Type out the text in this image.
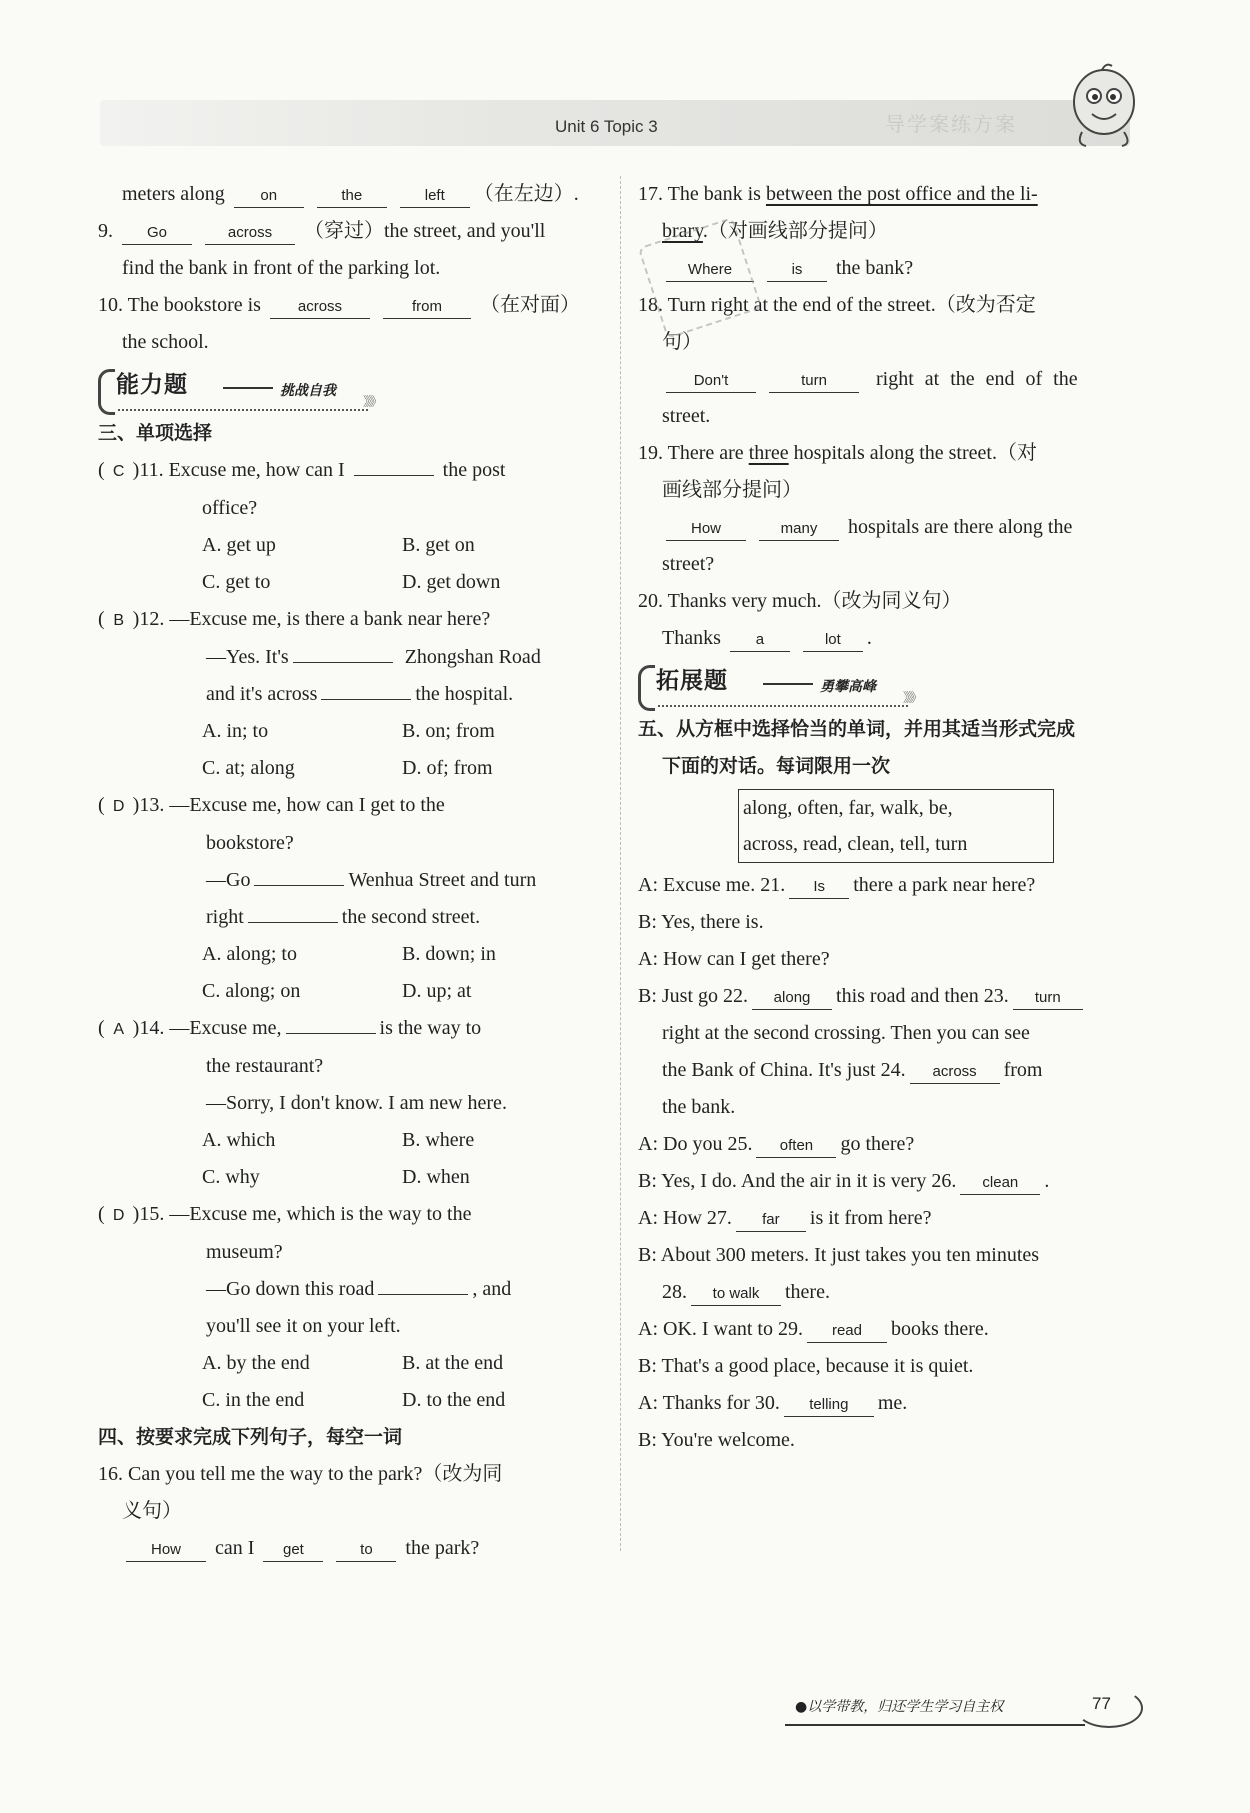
导学案练方案
Unit 6 Topic 3
meters along on	the	left （在左边）.
9. Go	across （穿过）the street, and you'll
find the bank in front of the parking lot.
10. The bookstore is across	from （在对面）
the school.
能力题	挑战自我
》》》
三、单项选择
( C )11. Excuse me, how can I	the post
office?
A. get up	B. get on
C. get to	D. get down
( B )12. —Excuse me, is there a bank near here?
—Yes. It's	Zhongshan Road
and it's across	the hospital.
A. in; to	B. on; from
C. at; along	D. of; from
( D )13. —Excuse me, how can I get to the
bookstore?
—Go	Wenhua Street and turn
right	the second street.
A. along; to	B. down; in
C. along; on	D. up; at
( A )14. —Excuse me,	is the way to
the restaurant?
—Sorry, I don't know. I am new here.
A. which	B. where
C. why	D. when
( D )15. —Excuse me, which is the way to the
museum?
—Go down this road	, and
you'll see it on your left.
A. by the end	B. at the end
C. in the end	D. to the end
四、按要求完成下列句子，每空一词
16. Can you tell me the way to the park?（改为同
义句）
How can I get	to the park?
17. The bank is between the post office and the li-
brary.（对画线部分提问）
Where	is the bank?
18. Turn right at the end of the street.（改为否定
句）
Don't	turn right at the end of the
street.
19. There are three hospitals along the street.（对
画线部分提问）
How	many hospitals are there along the
street?
20. Thanks very much.（改为同义句）
Thanks a	lot .
拓展题	勇攀高峰
》》》
五、从方框中选择恰当的单词，并用其适当形式完成
下面的对话。每词限用一次
along, often, far, walk, be,
across, read, clean, tell, turn
A: Excuse me. 21. Is there a park near here?
B: Yes, there is.
A: How can I get there?
B: Just go 22. along this road and then 23. turn
right at the second crossing. Then you can see
the Bank of China. It's just 24. across from
the bank.
A: Do you 25. often go there?
B: Yes, I do. And the air in it is very 26. clean .
A: How 27. far is it from here?
B: About 300 meters. It just takes you ten minutes
28. to walk there.
A: OK. I want to 29. read books there.
B: That's a good place, because it is quiet.
A: Thanks for 30. telling me.
B: You're welcome.
●以学带教，归还学生学习自主权	77
